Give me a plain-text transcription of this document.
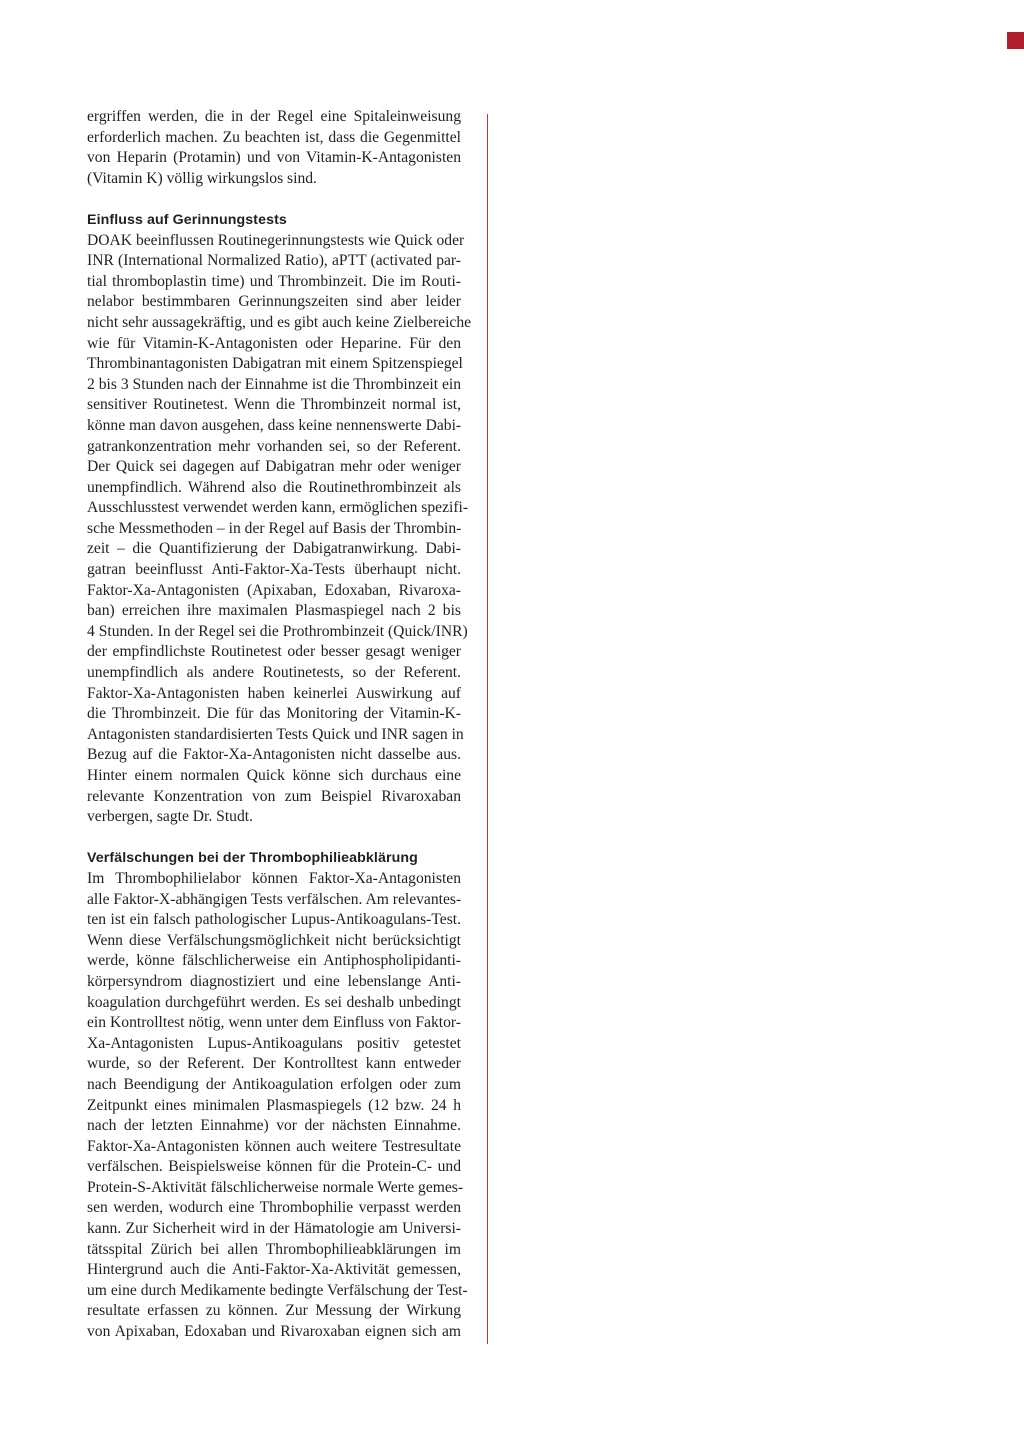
ergriffen werden, die in der Regel eine Spitaleinweisung
erforderlich machen. Zu beachten ist, dass die Gegenmittel
von Heparin (Protamin) und von Vitamin-K-Antagonisten
(Vitamin K) völlig wirkungslos sind.

Einfluss auf Gerinnungstests

DOAK beeinflussen Routinegerinnungstests wie Quick oder
INR (International Normalized Ratio), aPTT (activated par-
tial thromboplastin time) und Thrombinzeit. Die im Routi-
nelabor bestimmbaren Gerinnungszeiten sind aber leider
nicht sehr aussagekräftig, und es gibt auch keine Zielbereiche
wie für Vitamin-K-Antagonisten oder Heparine. Für den
Thrombinantagonisten Dabigatran mit einem Spitzenspiegel
2 bis 3 Stunden nach der Einnahme ist die Thrombinzeit ein
sensitiver Routinetest. Wenn die Thrombinzeit normal ist,
könne man davon ausgehen, dass keine nennenswerte Dabi-
gatrankonzentration mehr vorhanden sei, so der Referent.
Der Quick sei dagegen auf Dabigatran mehr oder weniger
unempfindlich. Während also die Routinethrombinzeit als
Ausschlusstest verwendet werden kann, ermöglichen spezifi-
sche Messmethoden – in der Regel auf Basis der Thrombin-
zeit – die Quantifizierung der Dabigatranwirkung. Dabi-
gatran beeinflusst Anti-Faktor-Xa-Tests überhaupt nicht.
Faktor-Xa-Antagonisten (Apixaban, Edoxaban, Rivaroxa-
ban) erreichen ihre maximalen Plasmaspiegel nach 2 bis
4 Stunden. In der Regel sei die Prothrombinzeit (Quick/INR)
der empfindlichste Routinetest oder besser gesagt weniger
unempfindlich als andere Routinetests, so der Referent.
Faktor-Xa-Antagonisten haben keinerlei Auswirkung auf
die Thrombinzeit. Die für das Monitoring der Vitamin-K-
Antagonisten standardisierten Tests Quick und INR sagen in
Bezug auf die Faktor-Xa-Antagonisten nicht dasselbe aus.
Hinter einem normalen Quick könne sich durchaus eine
relevante Konzentration von zum Beispiel Rivaroxaban
verbergen, sagte Dr. Studt.

Verfälschungen bei der Thrombophilieabklärung

Im Thrombophilielabor können Faktor-Xa-Antagonisten
alle Faktor-X-abhängigen Tests verfälschen. Am relevantes-
ten ist ein falsch pathologischer Lupus-Antikoagulans-Test.
Wenn diese Verfälschungsmöglichkeit nicht berücksichtigt
werde, könne fälschlicherweise ein Antiphospholipidanti-
körpersyndrom diagnostiziert und eine lebenslange Anti-
koagulation durchgeführt werden. Es sei deshalb unbedingt
ein Kontrolltest nötig, wenn unter dem Einfluss von Faktor-
Xa-Antagonisten Lupus-Antikoagulans positiv getestet
wurde, so der Referent. Der Kontrolltest kann entweder
nach Beendigung der Antikoagulation erfolgen oder zum
Zeitpunkt eines minimalen Plasmaspiegels (12 bzw. 24 h
nach der letzten Einnahme) vor der nächsten Einnahme.
Faktor-Xa-Antagonisten können auch weitere Testresultate
verfälschen. Beispielsweise können für die Protein-C- und
Protein-S-Aktivität fälschlicherweise normale Werte gemes-
sen werden, wodurch eine Thrombophilie verpasst werden
kann. Zur Sicherheit wird in der Hämatologie am Universi-
tätsspital Zürich bei allen Thrombophilieabklärungen im
Hintergrund auch die Anti-Faktor-Xa-Aktivität gemessen,
um eine durch Medikamente bedingte Verfälschung der Test-
resultate erfassen zu können. Zur Messung der Wirkung
von Apixaban, Edoxaban und Rivaroxaban eignen sich am
